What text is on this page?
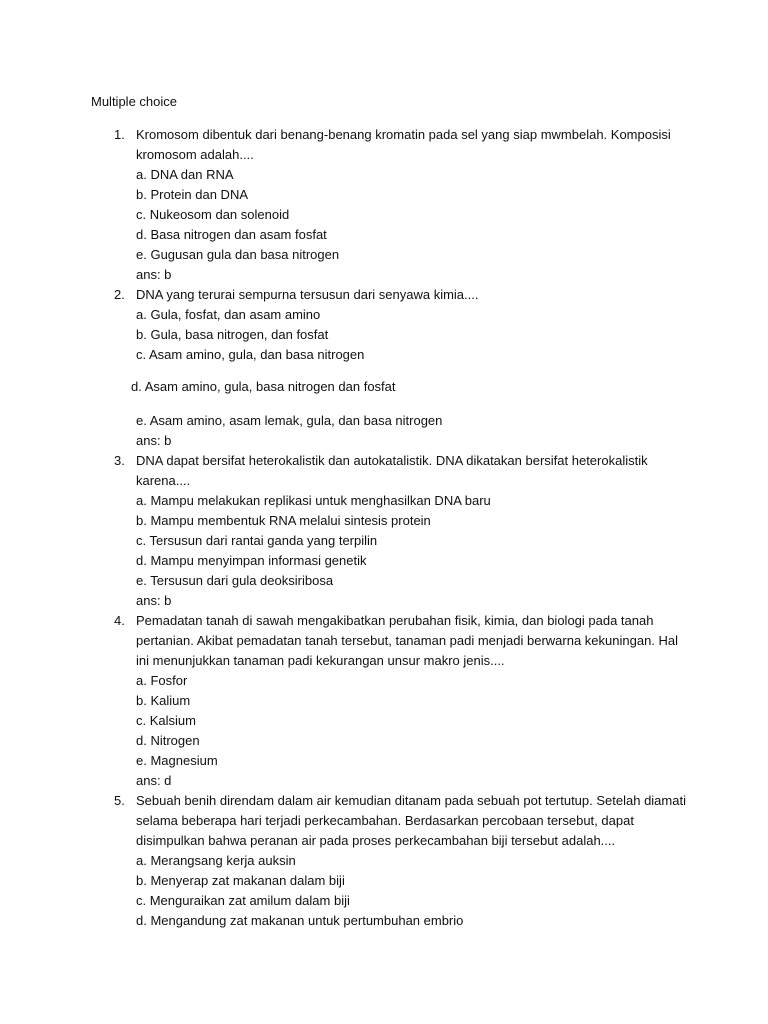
Multiple choice
1. Kromosom dibentuk dari benang-benang kromatin pada sel yang siap mwmbelah. Komposisi
kromosom adalah....
a. DNA dan RNA
b. Protein dan DNA
c. Nukeosom dan solenoid
d. Basa nitrogen dan asam fosfat
e. Gugusan gula dan basa nitrogen
ans: b
2. DNA yang terurai sempurna tersusun dari senyawa kimia....
a. Gula, fosfat, dan asam amino
b. Gula, basa nitrogen, dan fosfat
c. Asam amino, gula, dan basa nitrogen
d. Asam amino, gula, basa nitrogen dan fosfat
e. Asam amino, asam lemak, gula, dan basa nitrogen
ans: b
3. DNA dapat bersifat heterokalistik dan autokatalistik. DNA dikatakan bersifat heterokalistik
karena....
a. Mampu melakukan replikasi untuk menghasilkan DNA baru
b. Mampu membentuk RNA melalui sintesis protein
c. Tersusun dari rantai ganda yang terpilin
d. Mampu menyimpan informasi genetik
e. Tersusun dari gula deoksiribosa
ans: b
4. Pemadatan tanah di sawah mengakibatkan perubahan fisik, kimia, dan biologi pada tanah
pertanian. Akibat pemadatan tanah tersebut, tanaman padi menjadi berwarna kekuningan. Hal
ini menunjukkan tanaman padi kekurangan unsur makro jenis....
a. Fosfor
b. Kalium
c. Kalsium
d. Nitrogen
e. Magnesium
ans: d
5. Sebuah benih direndam dalam air kemudian ditanam pada sebuah pot tertutup. Setelah diamati
selama beberapa hari terjadi perkecambahan. Berdasarkan percobaan tersebut, dapat
disimpulkan bahwa peranan air pada proses perkecambahan biji tersebut adalah....
a. Merangsang kerja auksin
b. Menyerap zat makanan dalam biji
c. Menguraikan zat amilum dalam biji
d. Mengandung zat makanan untuk pertumbuhan embrio
